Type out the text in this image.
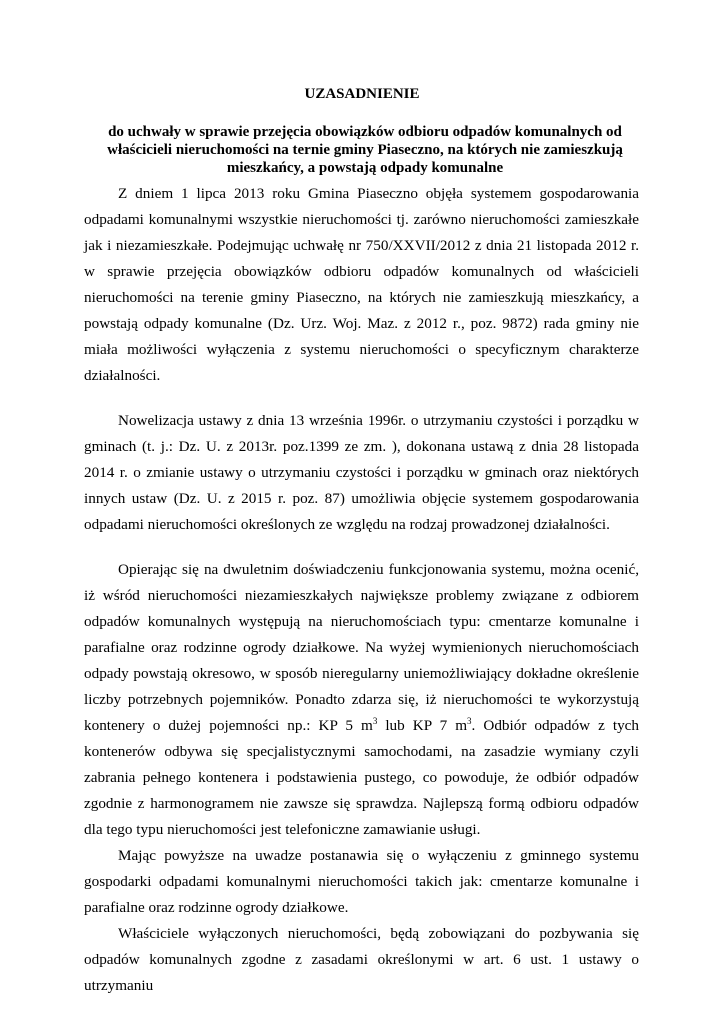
UZASADNIENIE
do uchwały w sprawie przejęcia obowiązków odbioru odpadów komunalnych od właścicieli nieruchomości na ternie gminy Piaseczno, na których nie zamieszkują mieszkańcy, a powstają odpady komunalne

Z dniem 1 lipca 2013 roku Gmina Piaseczno objęła systemem gospodarowania odpadami komunalnymi wszystkie nieruchomości tj. zarówno nieruchomości zamieszkałe jak i niezamieszkałe. Podejmując uchwałę nr 750/XXVII/2012 z dnia 21 listopada 2012 r. w sprawie przejęcia obowiązków odbioru odpadów komunalnych od właścicieli nieruchomości na terenie gminy Piaseczno, na których nie zamieszkują mieszkańcy, a powstają odpady komunalne (Dz. Urz. Woj. Maz. z 2012 r., poz. 9872) rada gminy nie miała możliwości wyłączenia z systemu nieruchomości o specyficznym charakterze działalności.

Nowelizacja ustawy z dnia 13 września 1996r. o utrzymaniu czystości i porządku w gminach (t. j.: Dz. U. z 2013r. poz.1399 ze zm. ), dokonana ustawą z dnia 28 listopada 2014 r. o zmianie ustawy o utrzymaniu czystości i porządku w gminach oraz niektórych innych ustaw (Dz. U. z 2015 r. poz. 87) umożliwia objęcie systemem gospodarowania odpadami nieruchomości określonych ze względu na rodzaj prowadzonej działalności.

Opierając się na dwuletnim doświadczeniu funkcjonowania systemu, można ocenić, iż wśród nieruchomości niezamieszkałych największe problemy związane z odbiorem odpadów komunalnych występują na nieruchomościach typu: cmentarze komunalne i parafialne oraz rodzinne ogrody działkowe. Na wyżej wymienionych nieruchomościach odpady powstają okresowo, w sposób nieregularny uniemożliwiający dokładne określenie liczby potrzebnych pojemników. Ponadto zdarza się, iż nieruchomości te wykorzystują kontenery o dużej pojemności np.: KP 5 $m^3$ lub KP 7 $m^3$. Odbiór odpadów z tych kontenerów odbywa się specjalistycznymi samochodami, na zasadzie wymiany czyli zabrania pełnego kontenera i podstawienia pustego, co powoduje, że odbiór odpadów zgodnie z harmonogramem nie zawsze się sprawdza. Najlepszą formą odbioru odpadów dla tego typu nieruchomości jest telefoniczne zamawianie usługi.

Mając powyższe na uwadze postanawia się o wyłączeniu z gminnego systemu gospodarki odpadami komunalnymi nieruchomości takich jak: cmentarze komunalne i parafialne oraz rodzinne ogrody działkowe.

Właściciele wyłączonych nieruchomości, będą zobowiązani do pozbywania się odpadów komunalnych zgodne z zasadami określonymi w art. 6 ust. 1 ustawy o utrzymaniu
